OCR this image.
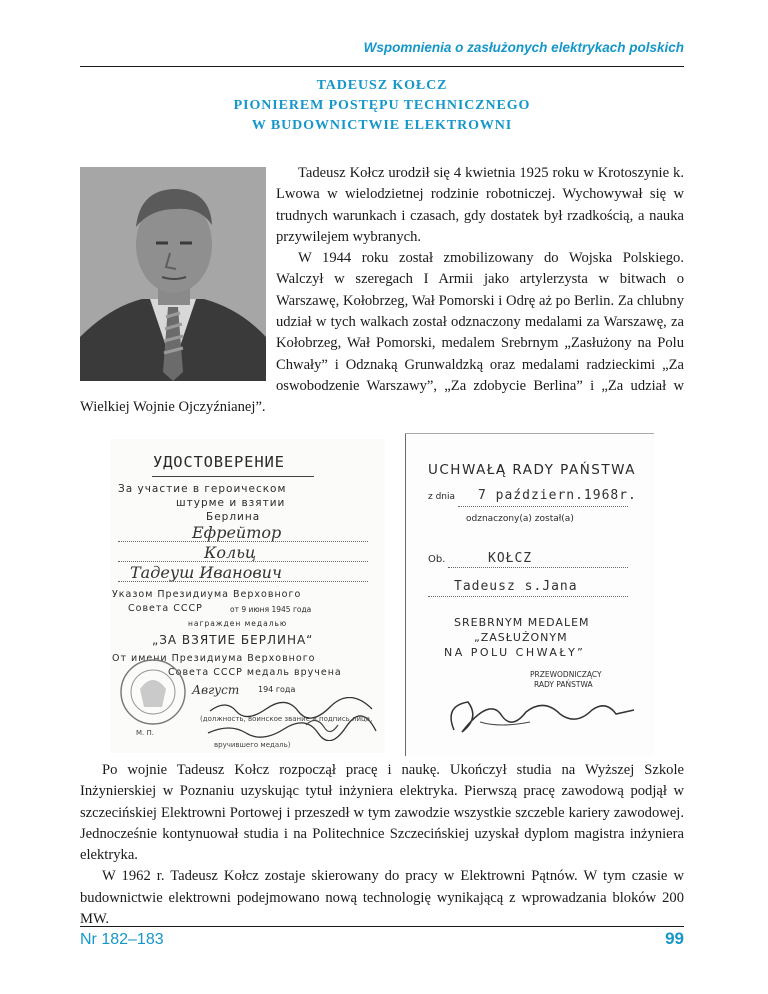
Wspomnienia o zasłużonych elektrykach polskich
TADEUSZ KOŁCZ
PIONIEREM POSTĘPU TECHNICZNEGO
W BUDOWNICTWIE ELEKTROWNI

Tadeusz Kołcz urodził się 4 kwietnia 1925 roku w Krotoszynie k. Lwowa w wielodzietnej rodzinie robotniczej. Wychowywał się w trudnych warunkach i czasach, gdy dostatek był rzadkością, a nauka przywilejem wybranych.

W 1944 roku został zmobilizowany do Wojska Polskiego. Walczył w szeregach I Armii jako artylerzysta w bitwach o Warszawę, Kołobrzeg, Wał Pomorski i Odrę aż po Berlin. Za chlubny udział w tych walkach został odznaczony medalami za Warszawę, za Kołobrzeg, Wał Pomorski, medalem Srebrnym „Zasłużony na Polu Chwały” i Odznaką Grunwaldzką oraz medalami radzieckimi „Za oswobodzenie Warszawy”, „Za zdobycie Berlina” i „Za udział w Wielkiej Wojnie Ojczyźnianej”.

УДОСТОВЕРЕНИЕ
За участие в героическом
штурме и взятии
Берлина
Ефрейтор
Кольц
Тадеуш Иванович
Указом Президиума Верховного
Совета СССР	от 9 июня 1945 года
награжден медалью
„ЗА ВЗЯТИЕ БЕРЛИНА“
От имени Президиума Верховного
Совета СССР медаль вручена
Август 194 года
(должность, воинское звание и подпись лица,
вручившего медаль)
М. П.
UCHWAŁĄ RADY PAŃSTWA
z dnia 7 październ.1968r.
odznaczony(a) został(a)
Ob.	KOŁCZ
Tadeusz s.Jana
SREBRNYM MEDALEM
„ZASŁUŻONYM
NA POLU CHWAŁY”
PRZEWODNICZĄCY
RADY PAŃSTWA

Po wojnie Tadeusz Kołcz rozpoczął pracę i naukę. Ukończył studia na Wyższej Szkole Inżynierskiej w Poznaniu uzyskując tytuł inżyniera elektryka. Pierwszą pracę zawodową podjął w szczecińskiej Elektrowni Portowej i przeszedł w tym zawodzie wszystkie szczeble kariery zawodowej. Jednocześnie kontynuował studia i na Politechnice Szczecińskiej uzyskał dyplom magistra inżyniera elektryka.

W 1962 r. Tadeusz Kołcz zostaje skierowany do pracy w Elektrowni Pątnów. W tym czasie w budownictwie elektrowni podejmowano nową technologię wynikającą z wprowadzania bloków 200 MW.

Nr 182–183	99
